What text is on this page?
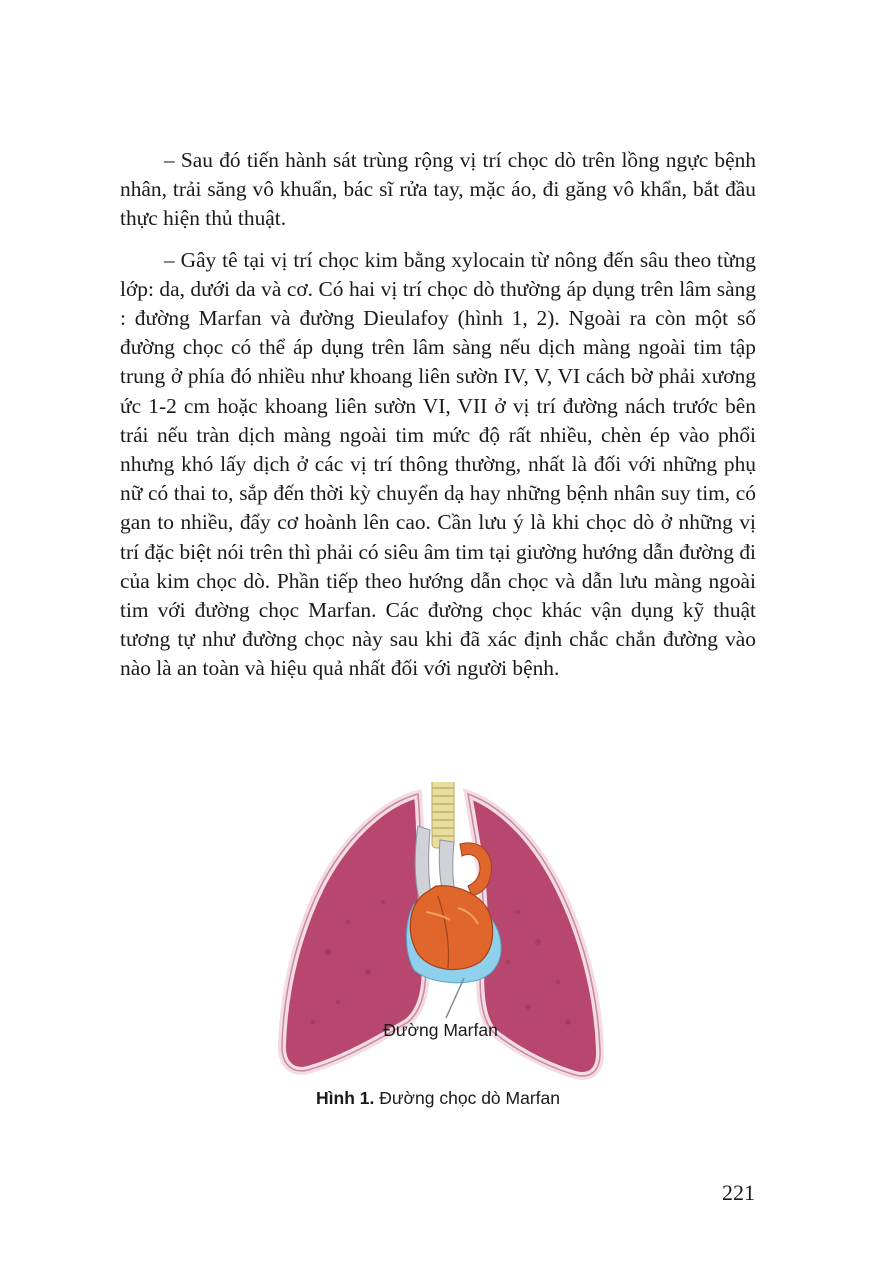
– Sau đó tiến hành sát trùng rộng vị trí chọc dò trên lồng ngực bệnh nhân, trải săng vô khuẩn, bác sĩ rửa tay, mặc áo, đi găng vô khẩn, bắt đầu thực hiện thủ thuật.

– Gây tê tại vị trí chọc kim bằng xylocain từ nông đến sâu theo từng lớp: da, dưới da và cơ. Có hai vị trí chọc dò thường áp dụng trên lâm sàng : đường Marfan và đường Dieulafoy (hình 1, 2). Ngoài ra còn một số đường chọc có thể áp dụng trên lâm sàng nếu dịch màng ngoài tim tập trung ở phía đó nhiều như khoang liên sườn IV, V, VI cách bờ phải xương ức 1-2 cm hoặc khoang liên sườn VI, VII ở vị trí đường nách trước bên trái nếu tràn dịch màng ngoài tim mức độ rất nhiều, chèn ép vào phổi nhưng khó lấy dịch ở các vị trí thông thường, nhất là đối với những phụ nữ có thai to, sắp đến thời kỳ chuyển dạ hay những bệnh nhân suy tim, có gan to nhiều, đẩy cơ hoành lên cao. Cần lưu ý là khi chọc dò ở những vị trí đặc biệt nói trên thì phải có siêu âm tim tại giường hướng dẫn đường đi của kim chọc dò. Phần tiếp theo hướng dẫn chọc và dẫn lưu màng ngoài tim với đường chọc Marfan. Các đường chọc khác vận dụng kỹ thuật tương tự như đường chọc này sau khi đã xác định chắc chắn đường vào nào là an toàn và hiệu quả nhất đối với người bệnh.

Đường Marfan
Hình 1. Đường chọc dò Marfan
221
